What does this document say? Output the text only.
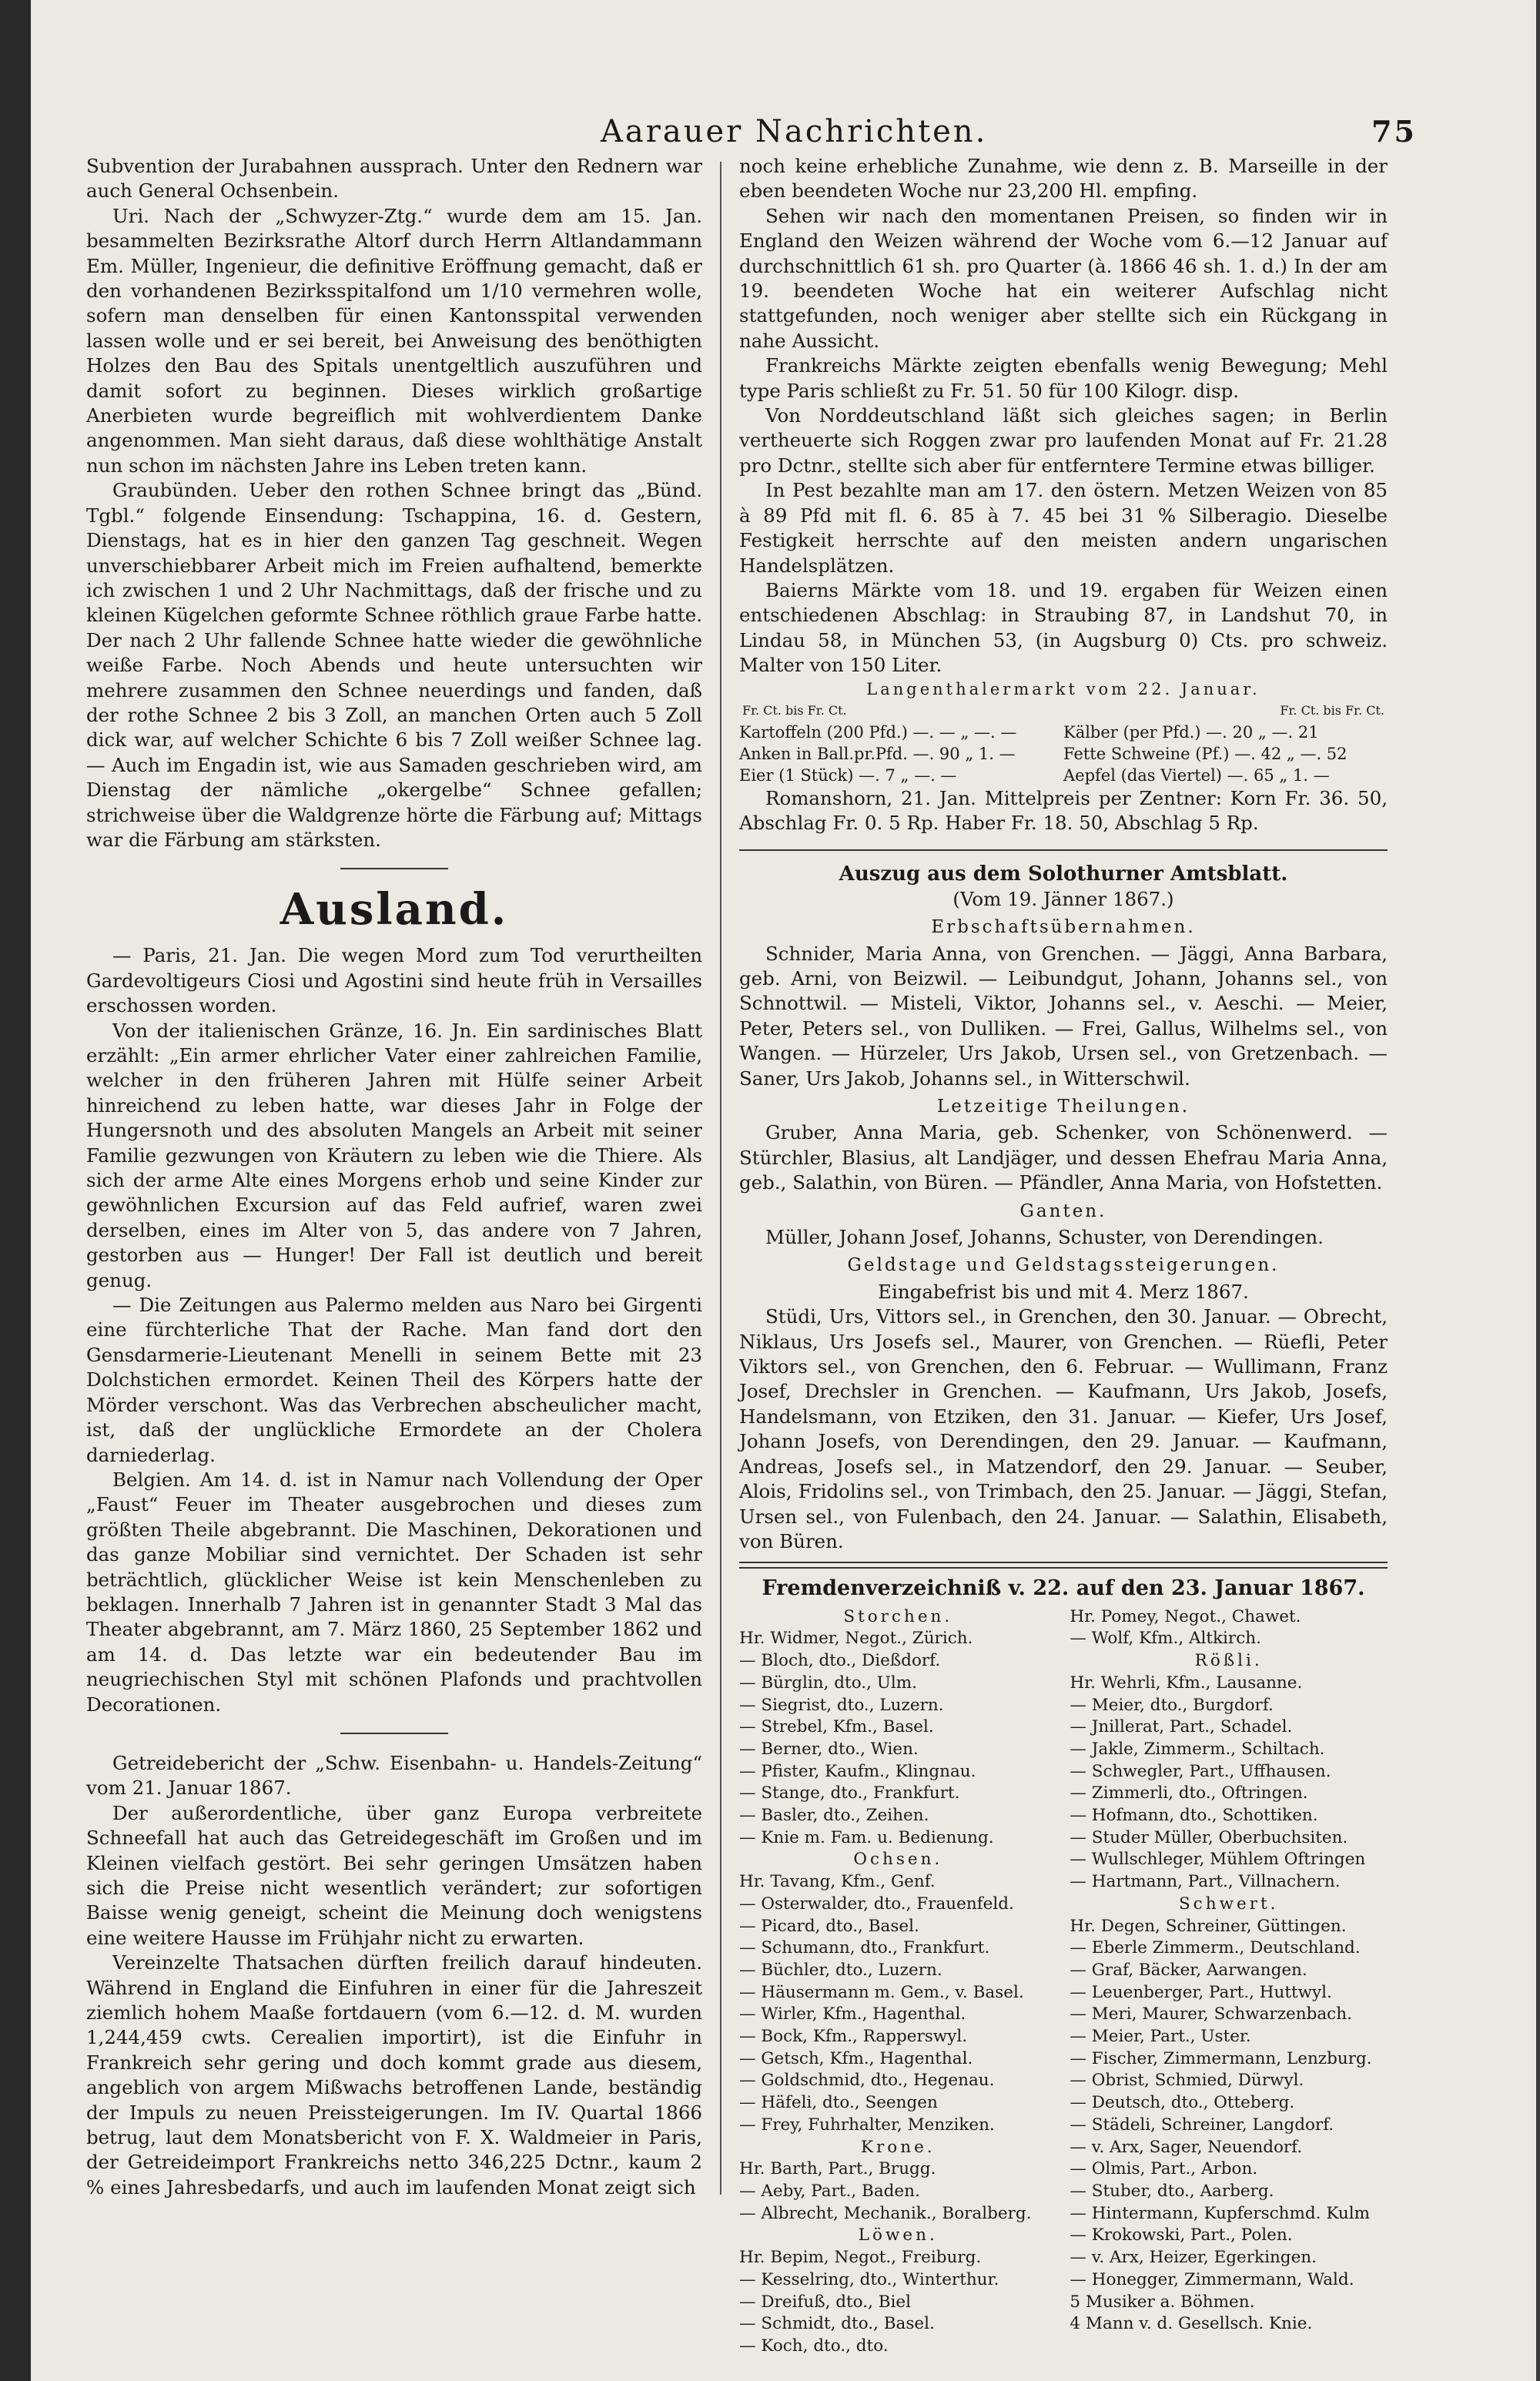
Aarauer Nachrichten.	75

Subvention der Jurabahnen aussprach. Unter den Rednern war auch General Ochsenbein.

Uri. Nach der „Schwyzer-Ztg.“ wurde dem am 15. Jan. besammelten Bezirksrathe Altorf durch Herrn Altlandammann Em. Müller, Ingenieur, die definitive Eröffnung gemacht, daß er den vorhandenen Bezirksspitalfond um 1/10 vermehren wolle, sofern man denselben für einen Kantonsspital verwenden lassen wolle und er sei bereit, bei Anweisung des benöthigten Holzes den Bau des Spitals unentgeltlich auszuführen und damit sofort zu beginnen. Dieses wirklich großartige Anerbieten wurde begreiflich mit wohlverdientem Danke angenommen. Man sieht daraus, daß diese wohlthätige Anstalt nun schon im nächsten Jahre ins Leben treten kann.

Graubünden. Ueber den rothen Schnee bringt das „Bünd. Tgbl.“ folgende Einsendung: Tschappina, 16. d. Gestern, Dienstags, hat es in hier den ganzen Tag geschneit. Wegen unverschiebbarer Arbeit mich im Freien aufhaltend, bemerkte ich zwischen 1 und 2 Uhr Nachmittags, daß der frische und zu kleinen Kügelchen geformte Schnee röthlich graue Farbe hatte. Der nach 2 Uhr fallende Schnee hatte wieder die gewöhnliche weiße Farbe. Noch Abends und heute untersuchten wir mehrere zusammen den Schnee neuerdings und fanden, daß der rothe Schnee 2 bis 3 Zoll, an manchen Orten auch 5 Zoll dick war, auf welcher Schichte 6 bis 7 Zoll weißer Schnee lag. — Auch im Engadin ist, wie aus Samaden geschrieben wird, am Dienstag der nämliche „okergelbe“ Schnee gefallen; strichweise über die Waldgrenze hörte die Färbung auf; Mittags war die Färbung am stärksten.

Ausland.

— Paris, 21. Jan. Die wegen Mord zum Tod verurtheilten Gardevoltigeurs Ciosi und Agostini sind heute früh in Versailles erschossen worden.

Von der italienischen Gränze, 16. Jn. Ein sardinisches Blatt erzählt: „Ein armer ehrlicher Vater einer zahlreichen Familie, welcher in den früheren Jahren mit Hülfe seiner Arbeit hinreichend zu leben hatte, war dieses Jahr in Folge der Hungersnoth und des absoluten Mangels an Arbeit mit seiner Familie gezwungen von Kräutern zu leben wie die Thiere. Als sich der arme Alte eines Morgens erhob und seine Kinder zur gewöhnlichen Excursion auf das Feld aufrief, waren zwei derselben, eines im Alter von 5, das andere von 7 Jahren, gestorben aus — Hunger! Der Fall ist deutlich und bereit genug.

— Die Zeitungen aus Palermo melden aus Naro bei Girgenti eine fürchterliche That der Rache. Man fand dort den Gensdarmerie-Lieutenant Menelli in seinem Bette mit 23 Dolchstichen ermordet. Keinen Theil des Körpers hatte der Mörder verschont. Was das Verbrechen abscheulicher macht, ist, daß der unglückliche Ermordete an der Cholera darniederlag.

Belgien. Am 14. d. ist in Namur nach Vollendung der Oper „Faust“ Feuer im Theater ausgebrochen und dieses zum größten Theile abgebrannt. Die Maschinen, Dekorationen und das ganze Mobiliar sind vernichtet. Der Schaden ist sehr beträchtlich, glücklicher Weise ist kein Menschenleben zu beklagen. Innerhalb 7 Jahren ist in genannter Stadt 3 Mal das Theater abgebrannt, am 7. März 1860, 25 September 1862 und am 14. d. Das letzte war ein bedeutender Bau im neugriechischen Styl mit schönen Plafonds und prachtvollen Decorationen.

Getreidebericht der „Schw. Eisenbahn- u. Handels-Zeitung“ vom 21. Januar 1867.

Der außerordentliche, über ganz Europa verbreitete Schneefall hat auch das Getreidegeschäft im Großen und im Kleinen vielfach gestört. Bei sehr geringen Umsätzen haben sich die Preise nicht wesentlich verändert; zur sofortigen Baisse wenig geneigt, scheint die Meinung doch wenigstens eine weitere Hausse im Frühjahr nicht zu erwarten.

Vereinzelte Thatsachen dürften freilich darauf hindeuten. Während in England die Einfuhren in einer für die Jahreszeit ziemlich hohem Maaße fortdauern (vom 6.—12. d. M. wurden 1,244,459 cwts. Cerealien importirt), ist die Einfuhr in Frankreich sehr gering und doch kommt grade aus diesem, angeblich von argem Mißwachs betroffenen Lande, beständig der Impuls zu neuen Preissteigerungen. Im IV. Quartal 1866 betrug, laut dem Monatsbericht von F. X. Waldmeier in Paris, der Getreideimport Frankreichs netto 346,225 Dctnr., kaum 2 % eines Jahresbedarfs, und auch im laufenden Monat zeigt sich

noch keine erhebliche Zunahme, wie denn z. B. Marseille in der eben beendeten Woche nur 23,200 Hl. empfing.

Sehen wir nach den momentanen Preisen, so finden wir in England den Weizen während der Woche vom 6.—12 Januar auf durchschnittlich 61 sh. pro Quarter (à. 1866 46 sh. 1. d.) In der am 19. beendeten Woche hat ein weiterer Aufschlag nicht stattgefunden, noch weniger aber stellte sich ein Rückgang in nahe Aussicht.

Frankreichs Märkte zeigten ebenfalls wenig Bewegung; Mehl type Paris schließt zu Fr. 51. 50 für 100 Kilogr. disp.

Von Norddeutschland läßt sich gleiches sagen; in Berlin vertheuerte sich Roggen zwar pro laufenden Monat auf Fr. 21.28 pro Dctnr., stellte sich aber für entferntere Termine etwas billiger.

In Pest bezahlte man am 17. den östern. Metzen Weizen von 85 à 89 Pfd mit fl. 6. 85 à 7. 45 bei 31 % Silberagio. Dieselbe Festigkeit herrschte auf den meisten andern ungarischen Handelsplätzen.

Baierns Märkte vom 18. und 19. ergaben für Weizen einen entschiedenen Abschlag: in Straubing 87, in Landshut 70, in Lindau 58, in München 53, (in Augsburg 0) Cts. pro schweiz. Malter von 150 Liter.

Langenthalermarkt vom 22. Januar.
Fr. Ct. bis Fr. Ct.	Fr. Ct. bis Fr. Ct.
Kartoffeln (200 Pfd.) —. — „ —. —	Kälber (per Pfd.) —. 20 „ —. 21
Anken in Ball.pr.Pfd. —. 90 „ 1. —	Fette Schweine (Pf.) —. 42 „ —. 52
Eier (1 Stück) —. 7 „ —. —	Aepfel (das Viertel) —. 65 „ 1. —

Romanshorn, 21. Jan. Mittelpreis per Zentner: Korn Fr. 36. 50, Abschlag Fr. 0. 5 Rp. Haber Fr. 18. 50, Abschlag 5 Rp.

Auszug aus dem Solothurner Amtsblatt.
(Vom 19. Jänner 1867.)
Erbschaftsübernahmen.

Schnider, Maria Anna, von Grenchen. — Jäggi, Anna Barbara, geb. Arni, von Beizwil. — Leibundgut, Johann, Johanns sel., von Schnottwil. — Misteli, Viktor, Johanns sel., v. Aeschi. — Meier, Peter, Peters sel., von Dulliken. — Frei, Gallus, Wilhelms sel., von Wangen. — Hürzeler, Urs Jakob, Ursen sel., von Gretzenbach. — Saner, Urs Jakob, Johanns sel., in Witterschwil.

Letzeitige Theilungen.

Gruber, Anna Maria, geb. Schenker, von Schönenwerd. — Stürchler, Blasius, alt Landjäger, und dessen Ehefrau Maria Anna, geb., Salathin, von Büren. — Pfändler, Anna Maria, von Hofstetten.

Ganten.

Müller, Johann Josef, Johanns, Schuster, von Derendingen.

Geldstage und Geldstagssteigerungen.
Eingabefrist bis und mit 4. Merz 1867.

Stüdi, Urs, Vittors sel., in Grenchen, den 30. Januar. — Obrecht, Niklaus, Urs Josefs sel., Maurer, von Grenchen. — Rüefli, Peter Viktors sel., von Grenchen, den 6. Februar. — Wullimann, Franz Josef, Drechsler in Grenchen. — Kaufmann, Urs Jakob, Josefs, Handelsmann, von Etziken, den 31. Januar. — Kiefer, Urs Josef, Johann Josefs, von Derendingen, den 29. Januar. — Kaufmann, Andreas, Josefs sel., in Matzendorf, den 29. Januar. — Seuber, Alois, Fridolins sel., von Trimbach, den 25. Januar. — Jäggi, Stefan, Ursen sel., von Fulenbach, den 24. Januar. — Salathin, Elisabeth, von Büren.

Fremdenverzeichniß v. 22. auf den 23. Januar 1867.
Storchen.
Hr. Widmer, Negot., Zürich.
— Bloch, dto., Dießdorf.
— Bürglin, dto., Ulm.
— Siegrist, dto., Luzern.
— Strebel, Kfm., Basel.
— Berner, dto., Wien.
— Pfister, Kaufm., Klingnau.
— Stange, dto., Frankfurt.
— Basler, dto., Zeihen.
— Knie m. Fam. u. Bedienung.
Ochsen.
Hr. Tavang, Kfm., Genf.
— Osterwalder, dto., Frauenfeld.
— Picard, dto., Basel.
— Schumann, dto., Frankfurt.
— Büchler, dto., Luzern.
— Häusermann m. Gem., v. Basel.
— Wirler, Kfm., Hagenthal.
— Bock, Kfm., Rapperswyl.
— Getsch, Kfm., Hagenthal.
— Goldschmid, dto., Hegenau.
— Häfeli, dto., Seengen
— Frey, Fuhrhalter, Menziken.
Krone.
Hr. Barth, Part., Brugg.
— Aeby, Part., Baden.
— Albrecht, Mechanik., Boralberg.
Löwen.
Hr. Bepim, Negot., Freiburg.
— Kesselring, dto., Winterthur.
— Dreifuß, dto., Biel
— Schmidt, dto., Basel.
— Koch, dto., dto.
Hr. Pomey, Negot., Chawet.
— Wolf, Kfm., Altkirch.
Rößli.
Hr. Wehrli, Kfm., Lausanne.
— Meier, dto., Burgdorf.
— Jnillerat, Part., Schadel.
— Jakle, Zimmerm., Schiltach.
— Schwegler, Part., Uffhausen.
— Zimmerli, dto., Oftringen.
— Hofmann, dto., Schottiken.
— Studer Müller, Oberbuchsiten.
— Wullschleger, Mühlem Oftringen
— Hartmann, Part., Villnachern.
Schwert.
Hr. Degen, Schreiner, Güttingen.
— Eberle Zimmerm., Deutschland.
— Graf, Bäcker, Aarwangen.
— Leuenberger, Part., Huttwyl.
— Meri, Maurer, Schwarzenbach.
— Meier, Part., Uster.
— Fischer, Zimmermann, Lenzburg.
— Obrist, Schmied, Dürwyl.
— Deutsch, dto., Otteberg.
— Städeli, Schreiner, Langdorf.
— v. Arx, Sager, Neuendorf.
— Olmis, Part., Arbon.
— Stuber, dto., Aarberg.
— Hintermann, Kupferschmd. Kulm
— Krokowski, Part., Polen.
— v. Arx, Heizer, Egerkingen.
— Honegger, Zimmermann, Wald.
5 Musiker a. Böhmen.
4 Mann v. d. Gesellsch. Knie.
